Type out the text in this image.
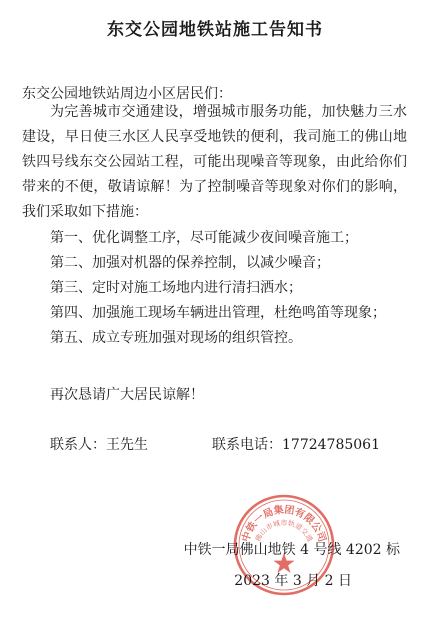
东交公园地铁站施工告知书
东交公园地铁站周边小区居民们：
为完善城市交通建设，增强城市服务功能，加快魅力三水建设，早日使三水区人民享受地铁的便利，我司施工的佛山地铁四号线东交公园站工程，可能出现噪音等现象，由此给你们带来的不便，敬请谅解！为了控制噪音等现象对你们的影响，我们采取如下措施：
第一、优化调整工序，尽可能减少夜间噪音施工；
第二、加强对机器的保养控制，以减少噪音；
第三、定时对施工场地内进行清扫洒水；
第四、加强施工现场车辆进出管理，杜绝鸣笛等现象；
第五、成立专班加强对现场的组织管控。
再次恳请广大居民谅解！
联系人：王先生	联系电话：17724785061
中铁一局集团有限公司
佛山市城市轨道交通
中铁一局佛山地铁 4 号线 4202 标
2023 年 3 月 2 日
